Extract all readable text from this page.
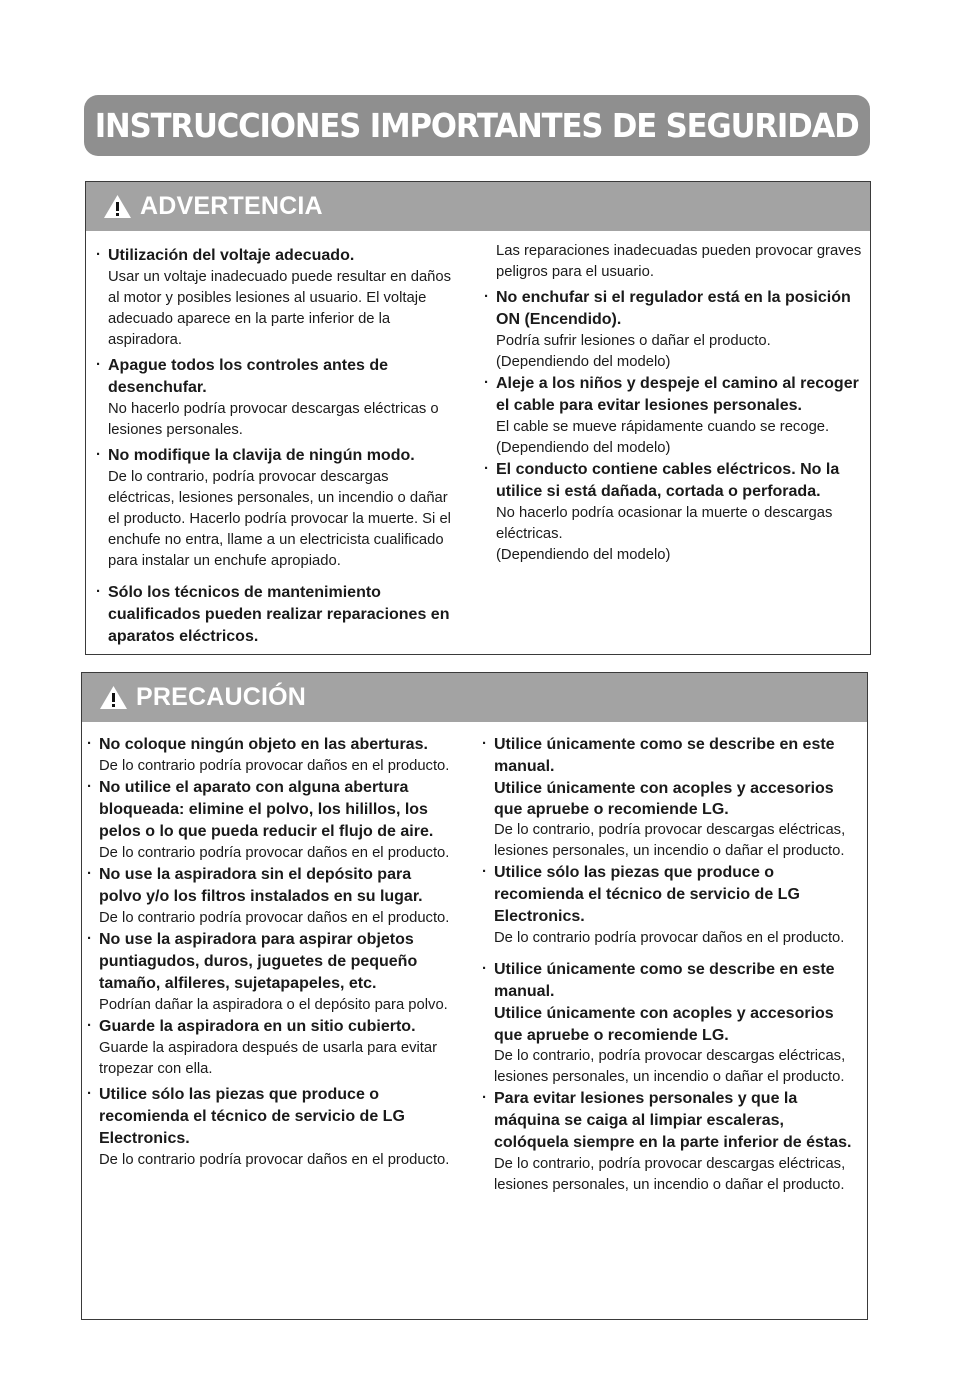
INSTRUCCIONES IMPORTANTES DE SEGURIDAD
ADVERTENCIA
· Utilización del voltaje adecuado.
Usar un voltaje inadecuado puede resultar en daños al motor y posibles lesiones al usuario. El voltaje adecuado aparece en la parte inferior de la aspiradora.
· Apague todos los controles antes de desenchufar.
No hacerlo podría provocar descargas eléctricas o lesiones personales.
· No modifique la clavija de ningún modo.
De lo contrario, podría provocar descargas eléctricas, lesiones personales, un incendio o dañar el producto. Hacerlo podría provocar la muerte. Si el enchufe no entra, llame a un electricista cualificado para instalar un enchufe apropiado.
· Sólo los técnicos de mantenimiento cualificados pueden realizar reparaciones en aparatos eléctricos.
Las reparaciones inadecuadas pueden provocar graves peligros para el usuario.
· No enchufar si el regulador está en la posición ON (Encendido).
Podría sufrir lesiones o dañar el producto.
(Dependiendo del modelo)
· Aleje a los niños y despeje el camino al recoger el cable para evitar lesiones personales.
El cable se mueve rápidamente cuando se recoge.
(Dependiendo del modelo)
· El conducto contiene cables eléctricos. No la utilice si está dañada, cortada o perforada.
No hacerlo podría ocasionar la muerte o descargas eléctricas.
(Dependiendo del modelo)
PRECAUCIÓN
· No coloque ningún objeto en las aberturas.
De lo contrario podría provocar daños en el producto.
· No utilice el aparato con alguna abertura bloqueada: elimine el polvo, los hilillos, los pelos o lo que pueda reducir el flujo de aire.
De lo contrario podría provocar daños en el producto.
· No use la aspiradora sin el depósito para polvo y/o los filtros instalados en su lugar.
De lo contrario podría provocar daños en el producto.
· No use la aspiradora para aspirar objetos puntiagudos, duros, juguetes de pequeño tamaño, alfileres, sujetapapeles, etc.
Podrían dañar la aspiradora o el depósito para polvo.
· Guarde la aspiradora en un sitio cubierto.
Guarde la aspiradora después de usarla para evitar tropezar con ella.
· Utilice sólo las piezas que produce o recomienda el técnico de servicio de LG Electronics.
De lo contrario podría provocar daños en el producto.
· Utilice únicamente como se describe en este manual.
Utilice únicamente con acoples y accesorios que apruebe o recomiende LG.
De lo contrario, podría provocar descargas eléctricas, lesiones personales, un incendio o dañar el producto.
· Utilice sólo las piezas que produce o recomienda el técnico de servicio de LG Electronics.
De lo contrario podría provocar daños en el producto.
· Utilice únicamente como se describe en este manual.
Utilice únicamente con acoples y accesorios que apruebe o recomiende LG.
De lo contrario, podría provocar descargas eléctricas, lesiones personales, un incendio o dañar el producto.
· Para evitar lesiones personales y que la máquina se caiga al limpiar escaleras, colóquela siempre en la parte inferior de éstas.
De lo contrario, podría provocar descargas eléctricas, lesiones personales, un incendio o dañar el producto.
